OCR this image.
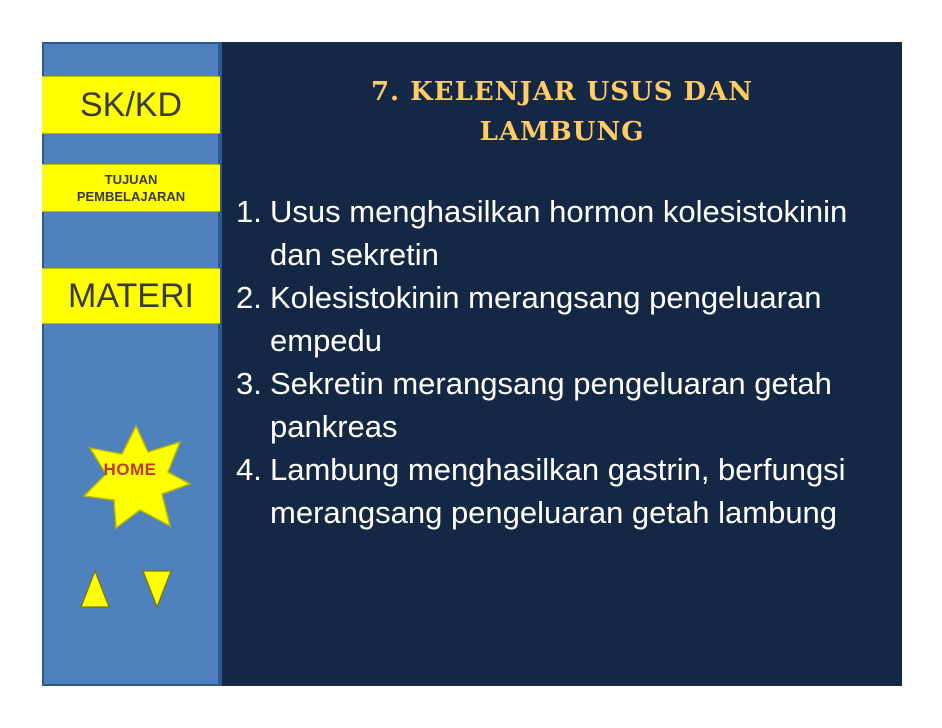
SK/KD
TUJUAN
PEMBELAJARAN
MATERI
HOME
7. KELENJAR USUS DAN
LAMBUNG
1. Usus menghasilkan hormon kolesistokinin dan sekretin
2. Kolesistokinin merangsang pengeluaran empedu
3. Sekretin merangsang pengeluaran getah pankreas
4. Lambung menghasilkan gastrin, berfungsi merangsang pengeluaran getah lambung
